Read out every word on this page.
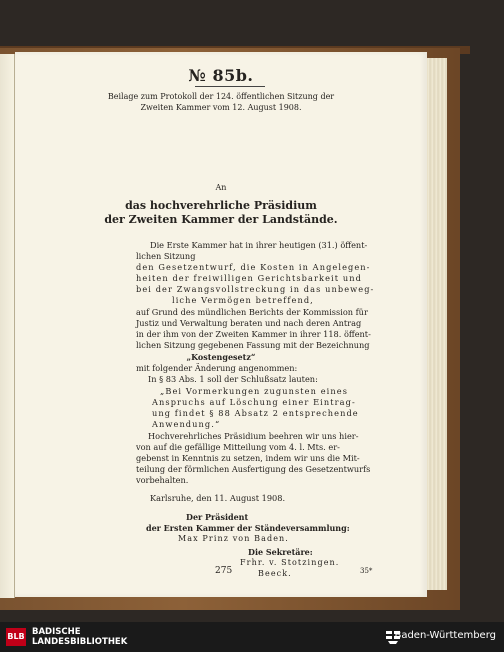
№ 85b.
Beilage zum Protokoll der 124. öffentlichen Sitzung der
Zweiten Kammer vom 12. August 1908.
An
das hochverehrliche Präsidium
der Zweiten Kammer der Landstände.
Die Erste Kammer hat in ihrer heutigen (31.) öffent-
lichen Sitzung
den Gesetzentwurf, die Kosten in Angelegen-
heiten der freiwilligen Gerichtsbarkeit und
bei der Zwangsvollstreckung in das unbeweg-
liche Vermögen betreffend,
auf Grund des mündlichen Berichts der Kommission für
Justiz und Verwaltung beraten und nach deren Antrag
in der ihm von der Zweiten Kammer in ihrer 118. öffent-
lichen Sitzung gegebenen Fassung mit der Bezeichnung
„Kostengesetz“
mit folgender Änderung angenommen:
In § 83 Abs. 1 soll der Schlußsatz lauten:
„Bei Vormerkungen zugunsten eines
Anspruchs auf Löschung einer Eintrag-
ung findet § 88 Absatz 2 entsprechende
Anwendung.“
Hochverehrliches Präsidium beehren wir uns hier-
von auf die gefällige Mitteilung vom 4. l. Mts. er-
gebenst in Kenntnis zu setzen, indem wir uns die Mit-
teilung der förmlichen Ausfertigung des Gesetzentwurfs
vorbehalten.
Karlsruhe, den 11. August 1908.
Der Präsident
der Ersten Kammer der Ständeversammlung:
Max Prinz von Baden.
Die Sekretäre:
Frhr. v. Stotzingen.
Beeck.
275	35*
BLB BADISCHE
LANDESBIBLIOTHEK
Baden-Württemberg
